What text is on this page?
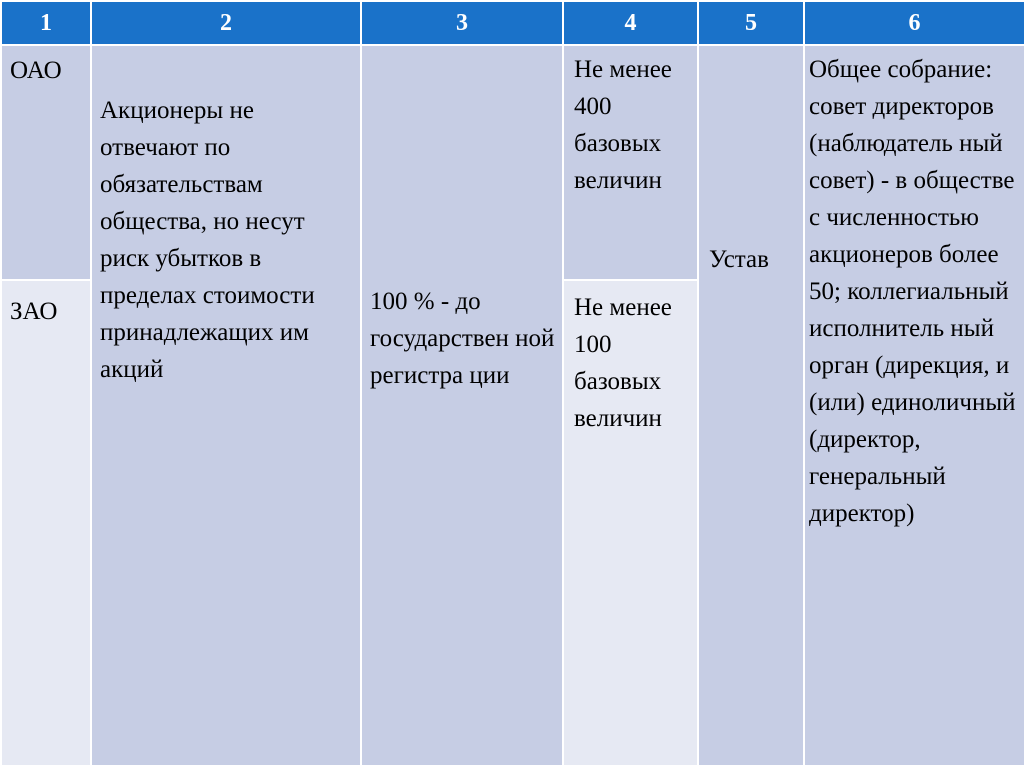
1	2	3	4	5	6

ОАО	Акционеры не отвечают по обязательствам общества, но несут риск убытков в пределах стоимости принадлежащих им акций	100 % - до государствен ной регистра ции	Не менее 400 базовых величин	Устав	Общее собрание: совет директоров (наблюдатель ный совет) - в обществе с численностью акционеров более 50; коллегиальный исполнитель ный орган (дирекция, и (или) единоличный (директор, генеральный директор)

ЗАО			Не менее 100 базовых величин		
